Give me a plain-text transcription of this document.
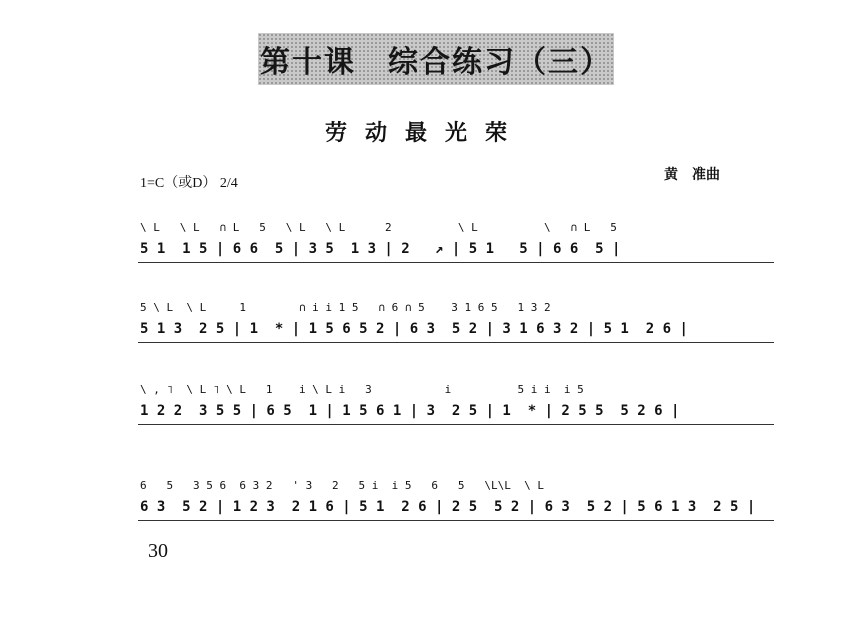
第十课　综合练习（三）
劳动最光荣
1=C（或D） 2/4
黄　准曲
\ L   \ L   ∩ L   5   \ L   \ L      2          \ L          \   ∩ L   5
5 1  1 5 | 6 6  5 | 3 5  1 3 | 2   ↗ | 5 1   5 | 6 6  5 |
5 \ L  \ L     1        ∩ i i 1 5   ∩ 6 ∩ 5    3 1 6 5   1 3 2
5 1 3  2 5 | 1  * | 1 5 6 5 2 | 6 3  5 2 | 3 1 6 3 2 | 5 1  2 6 |
\ , ˥  \ L ˥ \ L   1    i \ L i   3           i          5 i i  i 5
1 2 2  3 5 5 | 6 5  1 | 1 5 6 1 | 3  2 5 | 1  * | 2 5 5  5 2 6 |
6   5   3 5 6  6 3 2   ' 3   2   5 i  i 5   6   5   \L\L  \ L
6 3  5 2 | 1 2 3  2 1 6 | 5 1  2 6 | 2 5  5 2 | 6 3  5 2 | 5 6 1 3  2 5 |
30
